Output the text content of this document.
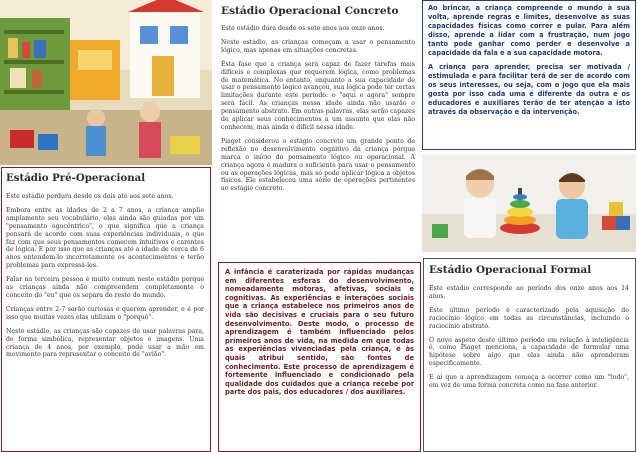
Estádio Pré-Operacional
Este estádio perdura desde os dois até aos sete anos.
Embora entre as idades de 2 a 7 anos, a criança amplie amplamente seu vocabulário, elas ainda são guiadas por um "pensamento egocêntrico", o que significa que a criança pensará de acordo com suas experiências individuais, o que faz com que seus pensamentos comecem intuitivos e carentes de lógica. E por isso que as crianças até a idade de cerca de 6 anos entendem-lo incorretamente os acontecimentos e terão problemas para expressá-los.
Falar na terceira pessoa é muito comum neste estádio porque as crianças ainda não compreendem completamente o conceito do "eu" que os separa do resto do mundo.
Crianças entre 2-7 serão curiosas e querem aprender, e é por isso que muitas vezes elas utilizam o "porquê".
Neste estádio, as crianças são capazes de usar palavras para, de forma simbólica, representar objetos e imagens. Uma criança de 4 anos, por exemplo, pode usar a mão em movimento para representar o conceito de "avião".
Estádio Operacional Concreto
Este estádio dura desde os sete anos aos onze anos.
Neste estádio, as crianças começam a usar o pensamento lógico, mas apenas em situações concretas.
Ésta fase que a criança será capaz de fazer tarefas mais difíceis e complexas que requerem lógica, como problemas de matemática. No entanto, enquanto a sua capacidade de usar o pensamento lógico avançou, sua lógica pode ter certas limitações durante este período: o "aqui e agora" sempre será fácil. As crianças nessa idade ainda não usarão o pensamento abstrato. Em outras palavras, elas serão capazes de aplicar seus conhecimentos a um assunto que elas não conhecem, mas ainda é difícil nessa idade.
Piaget considerou o estágio concreto um grande ponto de reflexão no desenvolvimento cognitivo da criança porque marca o início do pensamento lógico ou operacional. A criança agora é madura o suficiente para usar o pensamento ou as operações lógicas, mas só pode aplicar lógica a objetos físicos. Ele estabeleceu uma série de operações pertinentes ao estágio concreto.
A infância é caraterizada por rápidas mudanças em diferentes esferas do desenvolvimento, nomeadamente motoras, afetivas, sociais e cognitivas. As experiências e interações sociais que a criança estabelece nos primeiros anos de vida são decisivas e cruciais para o seu futuro desenvolvimento. Deste modo, o processo de aprendizagem é também influenciado pelos primeiros anos de vida, na medida em que todas as experiências vivenciadas pela criança, e às quais atribui sentido, são fontes de conhecimento. Este processo de aprendizagem é fortemente influenciado e condicionado pela qualidade dos cuidados que a criança recebe por parte dos pais, dos educadores / dos auxiliares.
Ao brincar, a criança compreende o mundo à sua volta, aprende regras e limites, desenvolve as suas capacidades físicas como correr e pular. Para além disso, aprende a lidar com a frustração, num jogo tanto pode ganhar como perder e desenvolve a capacidade da fala e a sua capacidade motora.
A criança para aprender, precisa ser motivada / estimulada e para facilitar terá de ser de acordo com os seus interesses, ou seja, com o jogo que ela mais gosta por isso cada uma é diferente da outra e os educadores e auxiliares terão de ter atenção a isto através da observação e da intervenção.
Estádio Operacional Formal
Este estádio corresponde ao período dos onze anos aos 14 anos.
Este último período é caracterizado pela aquisição do raciocínio lógico em todas as circunstâncias, incluindo o raciocínio abstrato.
O novo aspeto deste último período em relação à inteligência é, como Piaget menciona, a capacidade de formular uma hipótese sobre algo que elas ainda não aprenderam especificamente.
E aí que a aprendizagem começa a ocorrer como um "todo", em vez de uma forma concreta como na fase anterior.
